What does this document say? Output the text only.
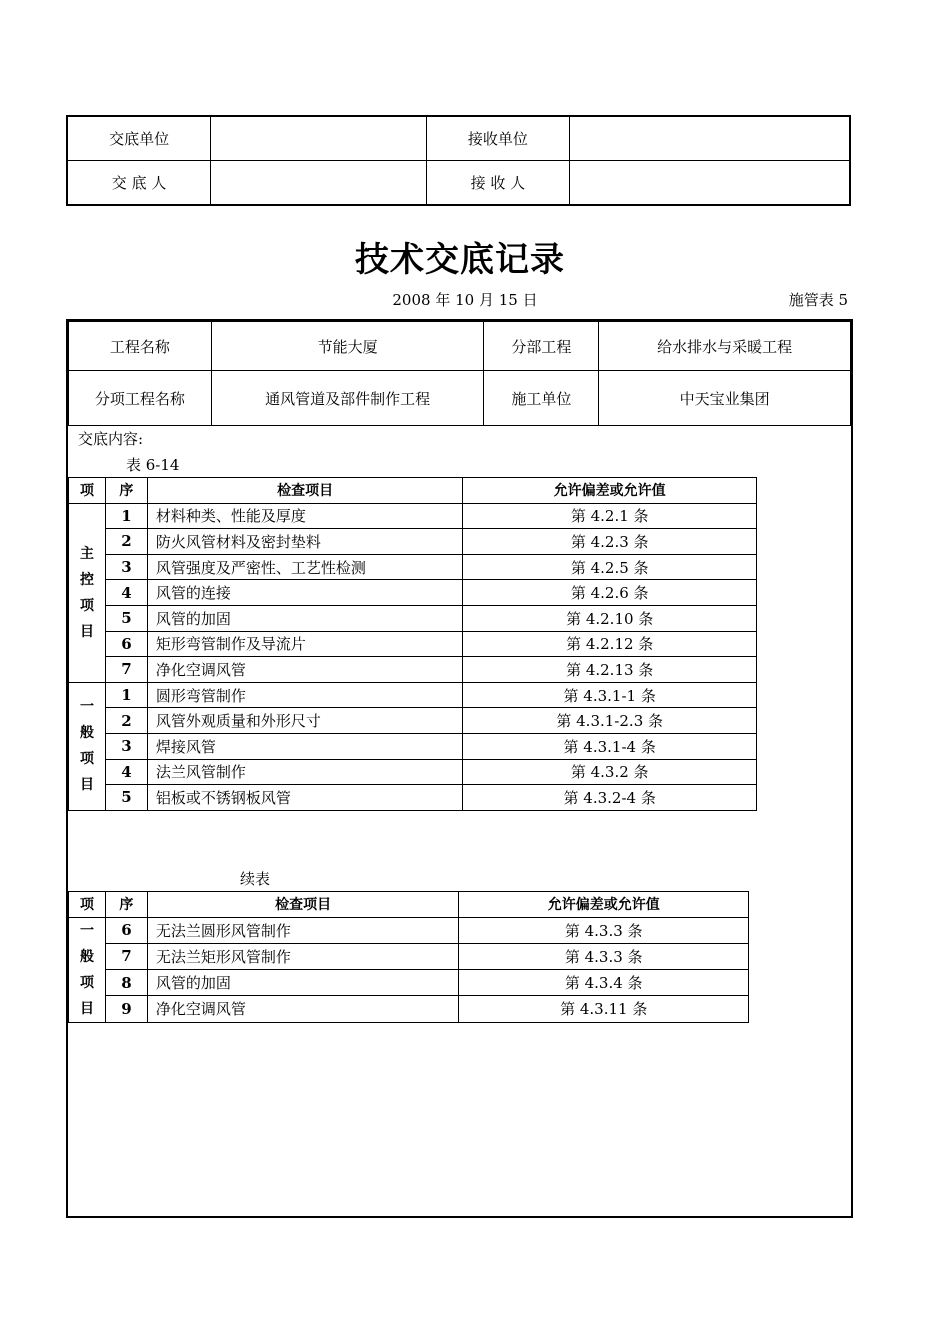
交底单位		接收单位	
交 底 人		接 收 人	
技术交底记录
2008 年 10 月 15 日	施管表 5
工程名称	节能大厦	分部工程	给水排水与采暖工程
分项工程名称	通风管道及部件制作工程	施工单位	中天宝业集团
交底内容:
表 6-14
项	序	检查项目	允许偏差或允许值
主
控
项
目	1	材料种类、性能及厚度	第 4.2.1 条
	2	防火风管材料及密封垫料	第 4.2.3 条
	3	风管强度及严密性、工艺性检测	第 4.2.5 条
	4	风管的连接	第 4.2.6 条
	5	风管的加固	第 4.2.10 条
	6	矩形弯管制作及导流片	第 4.2.12 条
	7	净化空调风管	第 4.2.13 条
一
般
项
目	1	圆形弯管制作	第 4.3.1-1 条
	2	风管外观质量和外形尺寸	第 4.3.1-2.3 条
	3	焊接风管	第 4.3.1-4 条
	4	法兰风管制作	第 4.3.2 条
	5	铝板或不锈钢板风管	第 4.3.2-4 条
续表
项	序	检查项目	允许偏差或允许值
一
般
项
目	6	无法兰圆形风管制作	第 4.3.3 条
	7	无法兰矩形风管制作	第 4.3.3 条
	8	风管的加固	第 4.3.4 条
	9	净化空调风管	第 4.3.11 条
